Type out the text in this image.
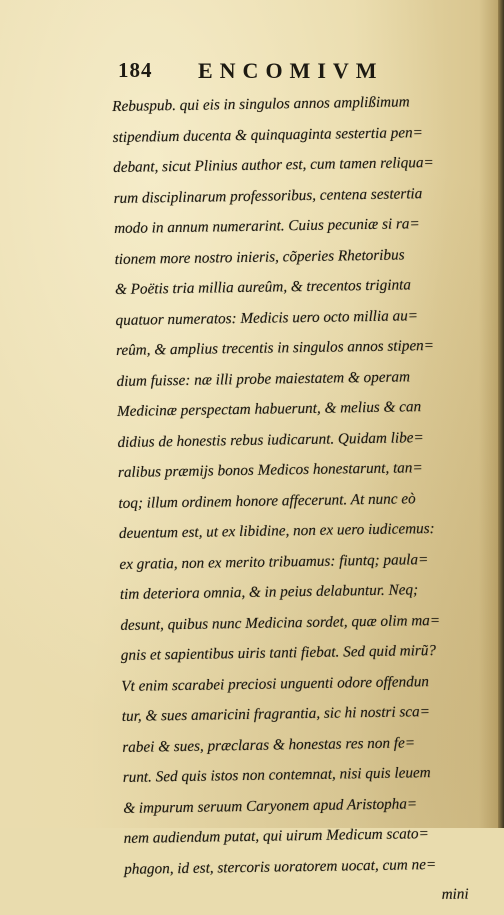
184 ENCOMIVM
Rebuspub. qui eis in singulos annos amplißimum
stipendium ducenta & quinquaginta sestertia pen=
debant, sicut Plinius author est, cum tamen reliqua=
rum disciplinarum professoribus, centena sestertia
modo in annum numerarint. Cuius pecuniæ si ra=
tionem more nostro inieris, cõperies Rhetoribus
& Poëtis tria millia aureûm, & trecentos triginta
quatuor numeratos: Medicis uero octo millia au=
reûm, & amplius trecentis in singulos annos stipen=
dium fuisse: næ illi probe maiestatem & operam
Medicinæ perspectam habuerunt, & melius & can
didius de honestis rebus iudicarunt. Quidam libe=
ralibus præmijs bonos Medicos honestarunt, tan=
toq; illum ordinem honore affecerunt. At nunc eò
deuentum est, ut ex libidine, non ex uero iudicemus:
ex gratia, non ex merito tribuamus: fiuntq; paula=
tim deteriora omnia, & in peius delabuntur. Neq;
desunt, quibus nunc Medicina sordet, quæ olim ma=
gnis et sapientibus uiris tanti fiebat. Sed quid mirũ?
Vt enim scarabei preciosi unguenti odore offendun
tur, & sues amaricini fragrantia, sic hi nostri sca=
rabei & sues, præclaras & honestas res non fe=
runt. Sed quis istos non contemnat, nisi quis leuem
& impurum seruum Caryonem apud Aristopha=
nem audiendum putat, qui uirum Medicum scato=
phagon, id est, stercoris uoratorem uocat, cum ne=
mini
